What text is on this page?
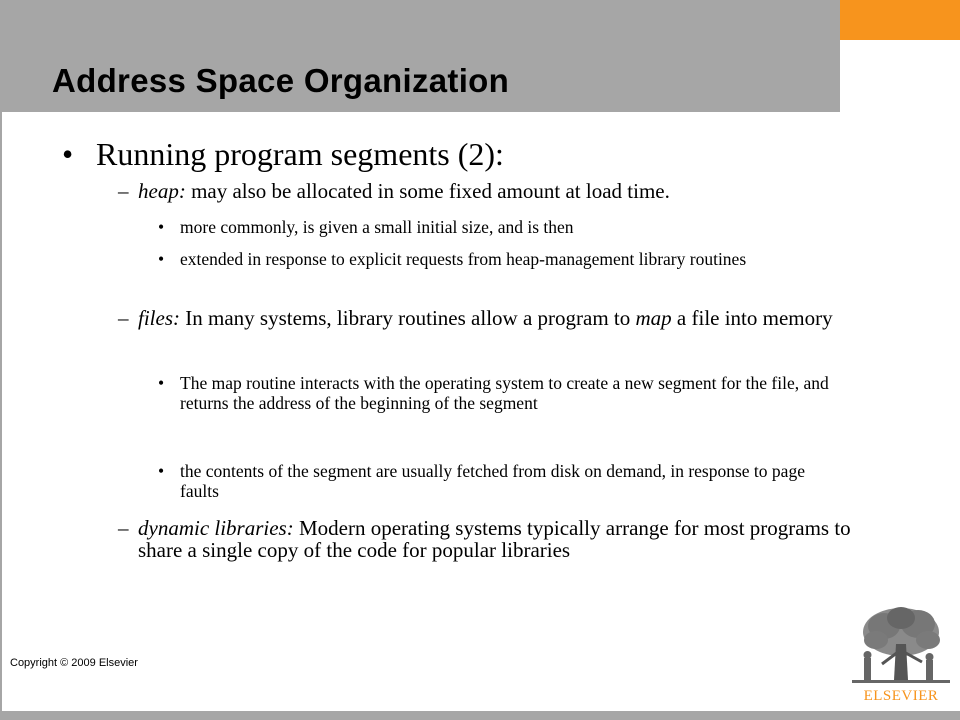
Address Space Organization
• Running program segments (2):
– heap: may also be allocated in some fixed amount at load time.
• more commonly, is given a small initial size, and is then
• extended in response to explicit requests from heap-management library routines
– files: In many systems, library routines allow a program to map a file into memory
• The map routine interacts with the operating system to create a new segment for the file, and returns the address of the beginning of the segment
• the contents of the segment are usually fetched from disk on demand, in response to page faults
– dynamic libraries: Modern operating systems typically arrange for most programs to share a single copy of the code for popular libraries
Copyright © 2009 Elsevier
ELSEVIER
